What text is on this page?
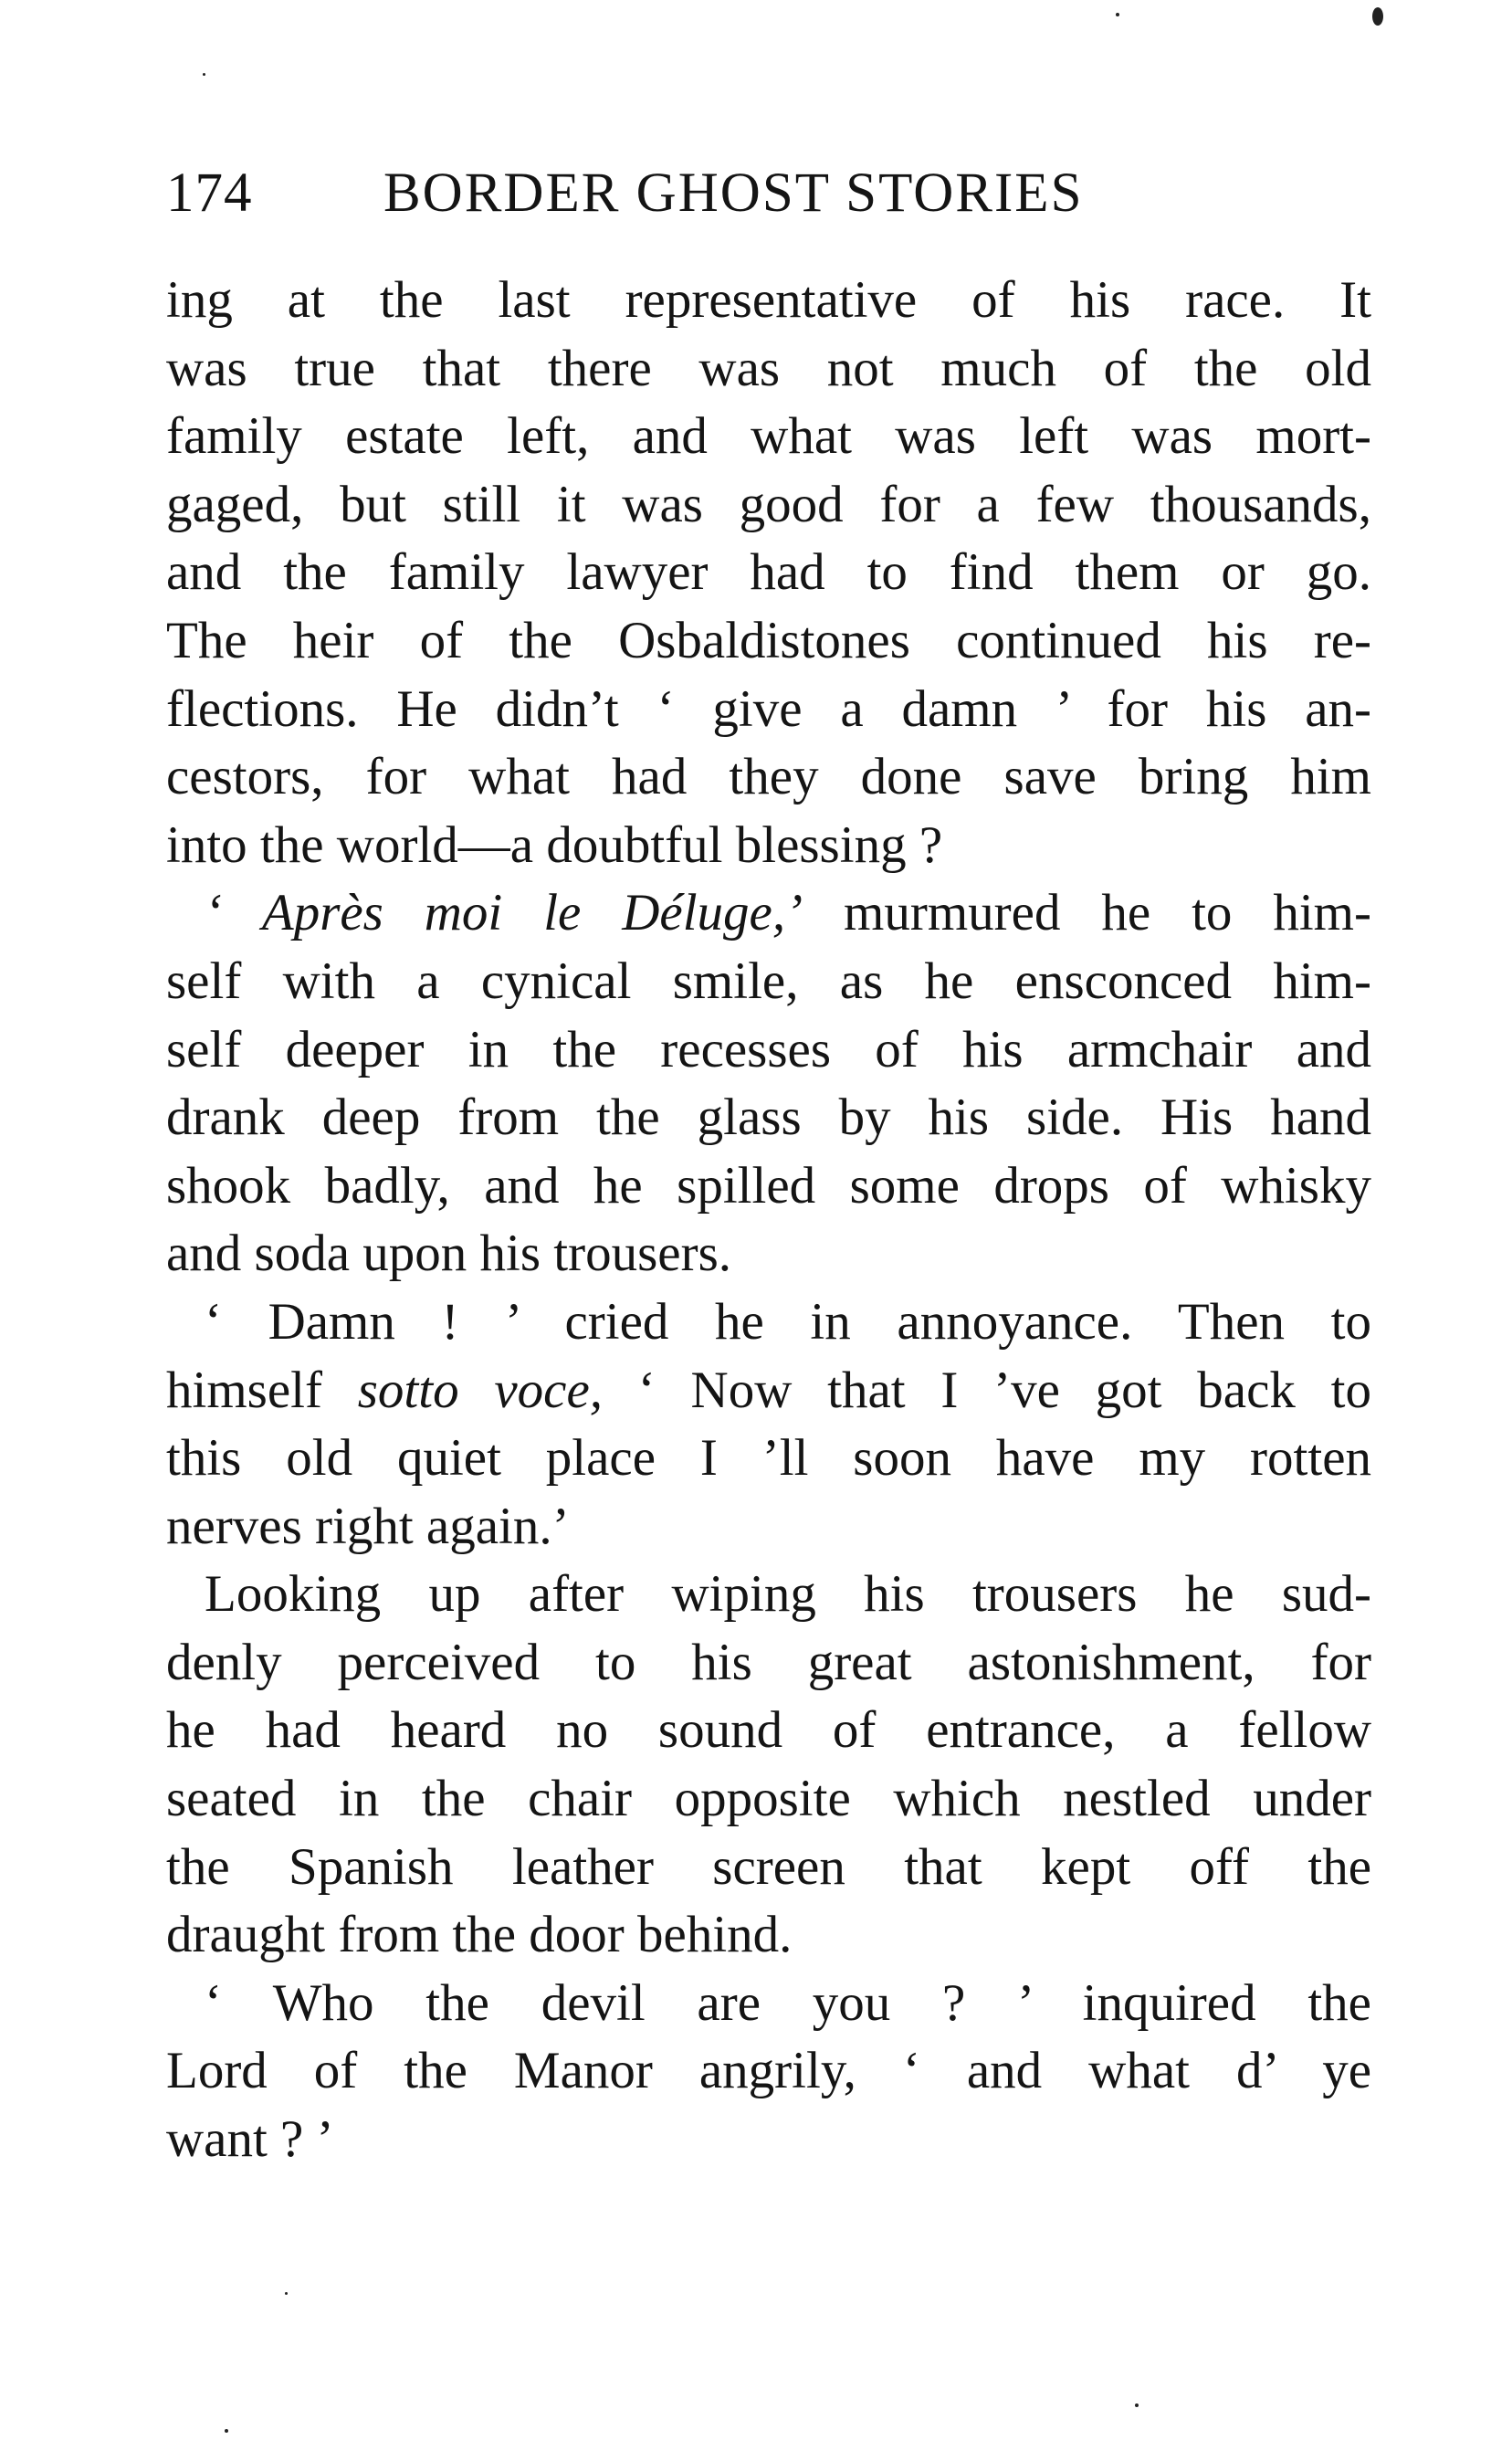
174 BORDER GHOST STORIES
ing at the last representative of his race. It
was true that there was not much of the old
family estate left, and what was left was mort-
gaged, but still it was good for a few thousands,
and the family lawyer had to find them or go.
The heir of the Osbaldistones continued his re-
flections. He didn’t ‘ give a damn ’ for his an-
cestors, for what had they done save bring him
into the world—a doubtful blessing ?
‘ Après moi le Déluge,’ murmured he to him-
self with a cynical smile, as he ensconced him-
self deeper in the recesses of his armchair and
drank deep from the glass by his side. His hand
shook badly, and he spilled some drops of whisky
and soda upon his trousers.
‘ Damn ! ’ cried he in annoyance. Then to
himself sotto voce, ‘ Now that I ’ve got back to
this old quiet place I ’ll soon have my rotten
nerves right again.’
Looking up after wiping his trousers he sud-
denly perceived to his great astonishment, for
he had heard no sound of entrance, a fellow
seated in the chair opposite which nestled under
the Spanish leather screen that kept off the
draught from the door behind.
‘ Who the devil are you ? ’ inquired the
Lord of the Manor angrily, ‘ and what d’ ye
want ? ’
